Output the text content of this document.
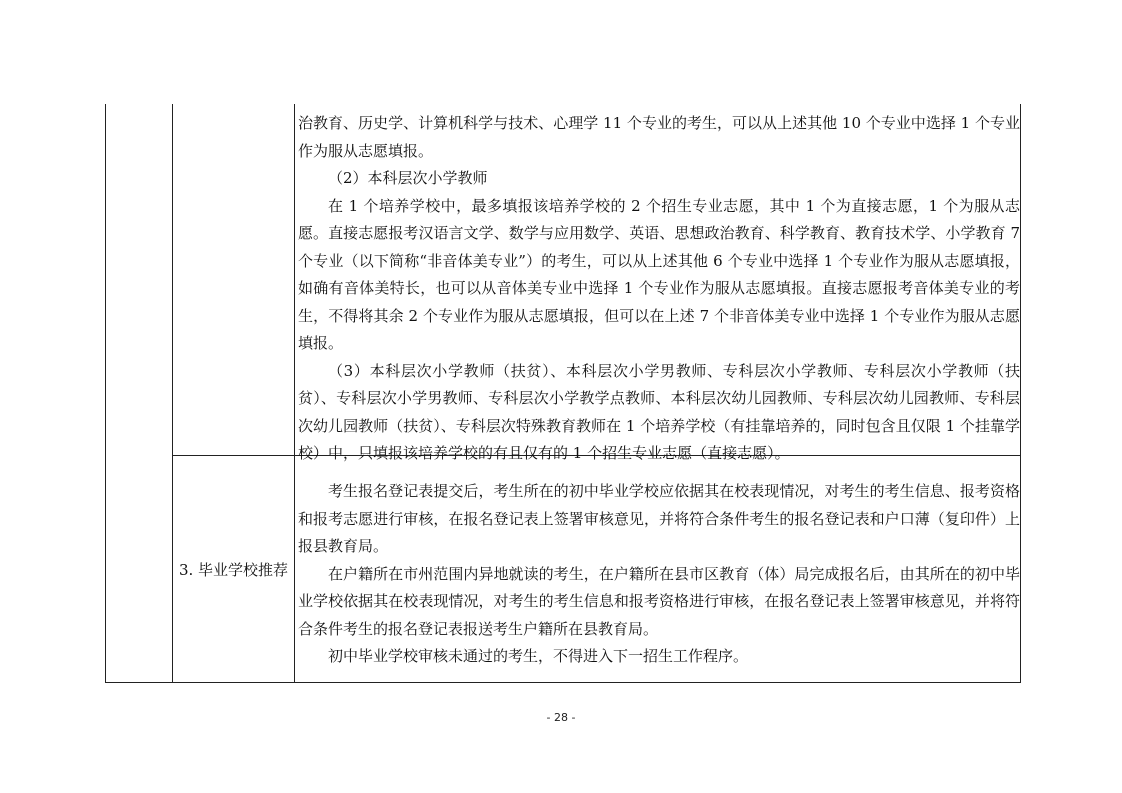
治教育、历史学、计算机科学与技术、心理学 11 个专业的考生，可以从上述其他 10 个专业中选择 1 个专业作为服从志愿填报。

（2）本科层次小学教师

在 1 个培养学校中，最多填报该培养学校的 2 个招生专业志愿，其中 1 个为直接志愿，1 个为服从志愿。直接志愿报考汉语言文学、数学与应用数学、英语、思想政治教育、科学教育、教育技术学、小学教育 7 个专业（以下简称“非音体美专业”）的考生，可以从上述其他 6 个专业中选择 1 个专业作为服从志愿填报，如确有音体美特长，也可以从音体美专业中选择 1 个专业作为服从志愿填报。直接志愿报考音体美专业的考生，不得将其余 2 个专业作为服从志愿填报，但可以在上述 7 个非音体美专业中选择 1 个专业作为服从志愿填报。

（3）本科层次小学教师（扶贫）、本科层次小学男教师、专科层次小学教师、专科层次小学教师（扶贫）、专科层次小学男教师、专科层次小学教学点教师、本科层次幼儿园教师、专科层次幼儿园教师、专科层次幼儿园教师（扶贫）、专科层次特殊教育教师在 1 个培养学校（有挂靠培养的，同时包含且仅限 1 个挂靠学校）中，只填报该培养学校的有且仅有的 1 个招生专业志愿（直接志愿）。

3. 毕业学校推荐

考生报名登记表提交后，考生所在的初中毕业学校应依据其在校表现情况，对考生的考生信息、报考资格和报考志愿进行审核，在报名登记表上签署审核意见，并将符合条件考生的报名登记表和户口薄（复印件）上报县教育局。

在户籍所在市州范围内异地就读的考生，在户籍所在县市区教育（体）局完成报名后，由其所在的初中毕业学校依据其在校表现情况，对考生的考生信息和报考资格进行审核，在报名登记表上签署审核意见，并将符合条件考生的报名登记表报送考生户籍所在县教育局。

初中毕业学校审核未通过的考生，不得进入下一招生工作程序。

- 28 -
